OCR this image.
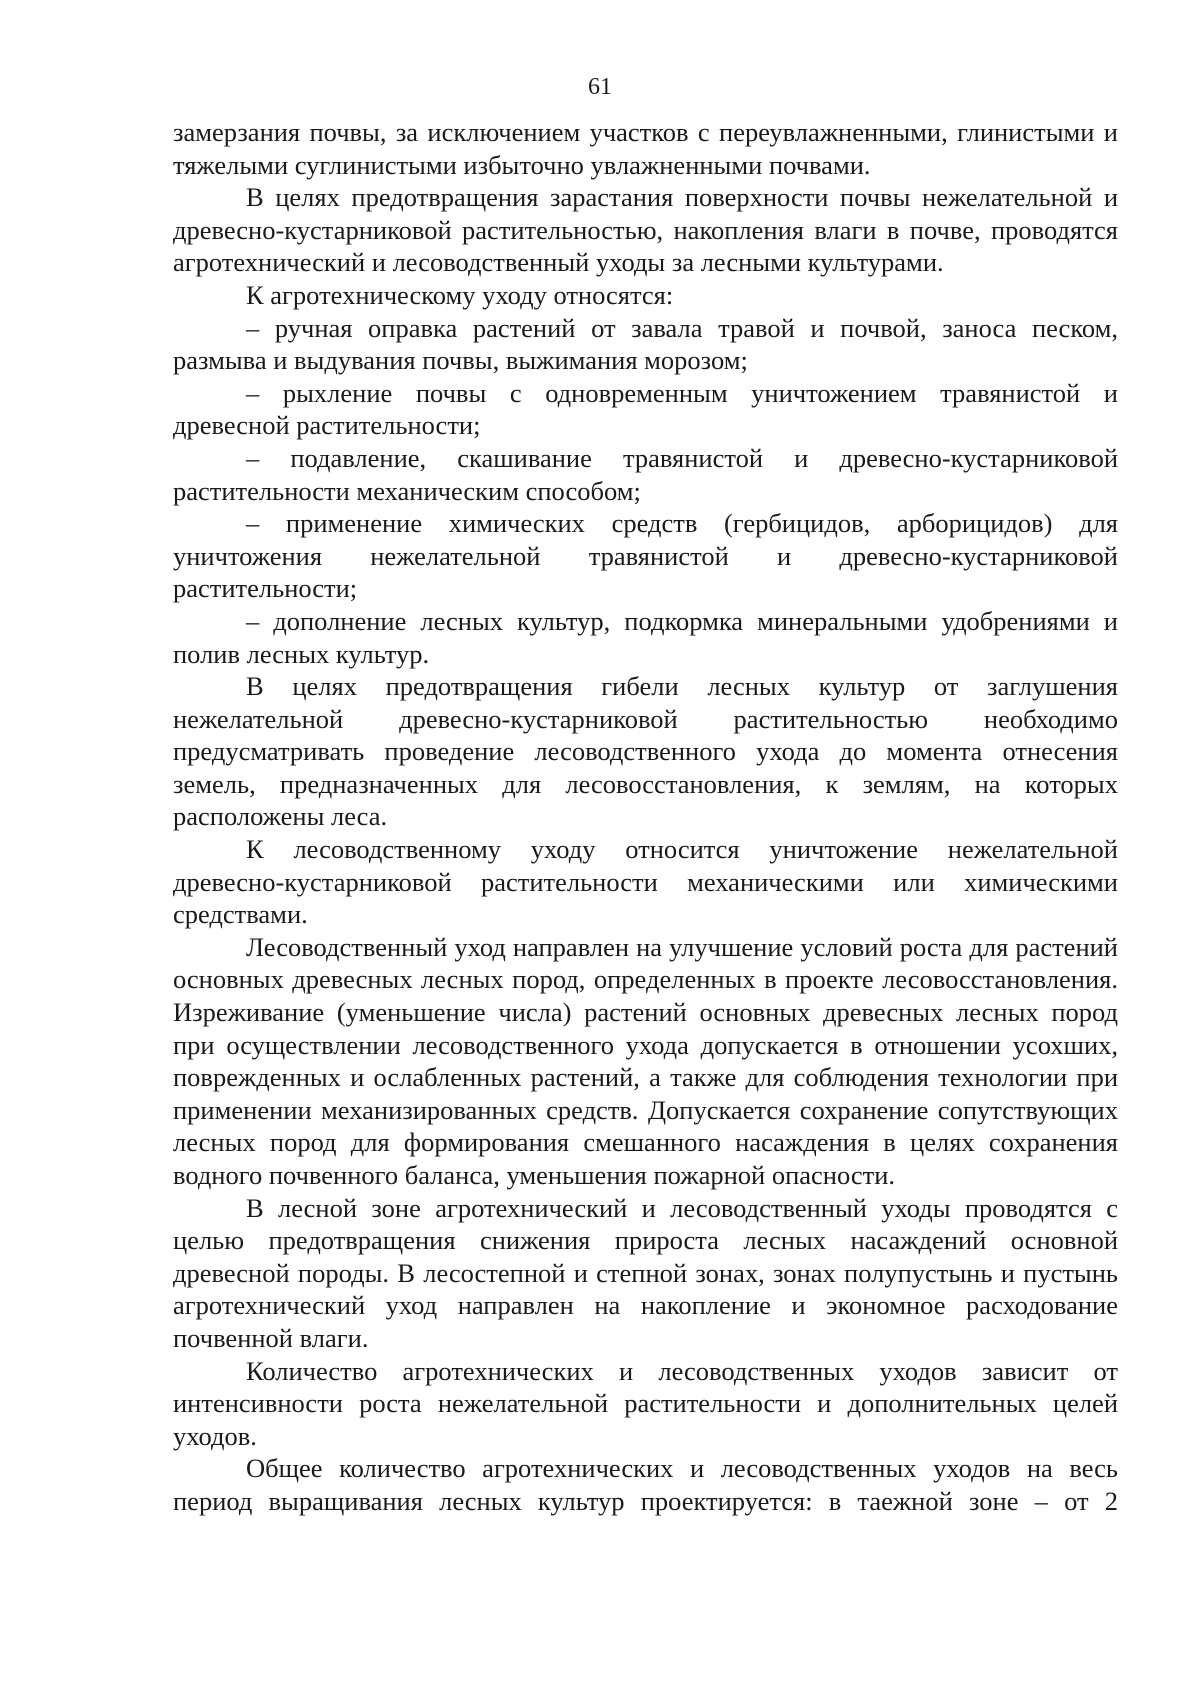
61

замерзания почвы, за исключением участков с переувлажненными, глинистыми и тяжелыми суглинистыми избыточно увлажненными почвами.

В целях предотвращения зарастания поверхности почвы нежелательной и древесно-кустарниковой растительностью, накопления влаги в почве, проводятся агротехнический и лесоводственный уходы за лесными культурами.

К агротехническому уходу относятся:

– ручная оправка растений от завала травой и почвой, заноса песком, размыва и выдувания почвы, выжимания морозом;

– рыхление почвы с одновременным уничтожением травянистой и древесной растительности;

– подавление, скашивание травянистой и древесно-кустарниковой растительности механическим способом;

– применение химических средств (гербицидов, арборицидов) для уничтожения нежелательной травянистой и древесно-кустарниковой растительности;

– дополнение лесных культур, подкормка минеральными удобрениями и полив лесных культур.

В целях предотвращения гибели лесных культур от заглушения нежелательной древесно-кустарниковой растительностью необходимо предусматривать проведение лесоводственного ухода до момента отнесения земель, предназначенных для лесовосстановления, к землям, на которых расположены леса.

К лесоводственному уходу относится уничтожение нежелательной древесно-кустарниковой растительности механическими или химическими средствами.

Лесоводственный уход направлен на улучшение условий роста для растений основных древесных лесных пород, определенных в проекте лесовосстановления. Изреживание (уменьшение числа) растений основных древесных лесных пород при осуществлении лесоводственного ухода допускается в отношении усохших, поврежденных и ослабленных растений, а также для соблюдения технологии при применении механизированных средств. Допускается сохранение сопутствующих лесных пород для формирования смешанного насаждения в целях сохранения водного почвенного баланса, уменьшения пожарной опасности.

В лесной зоне агротехнический и лесоводственный уходы проводятся с целью предотвращения снижения прироста лесных насаждений основной древесной породы. В лесостепной и степной зонах, зонах полупустынь и пустынь агротехнический уход направлен на накопление и экономное расходование почвенной влаги.

Количество агротехнических и лесоводственных уходов зависит от интенсивности роста нежелательной растительности и дополнительных целей уходов.

Общее количество агротехнических и лесоводственных уходов на весь период выращивания лесных культур проектируется: в таежной зоне – от 2
